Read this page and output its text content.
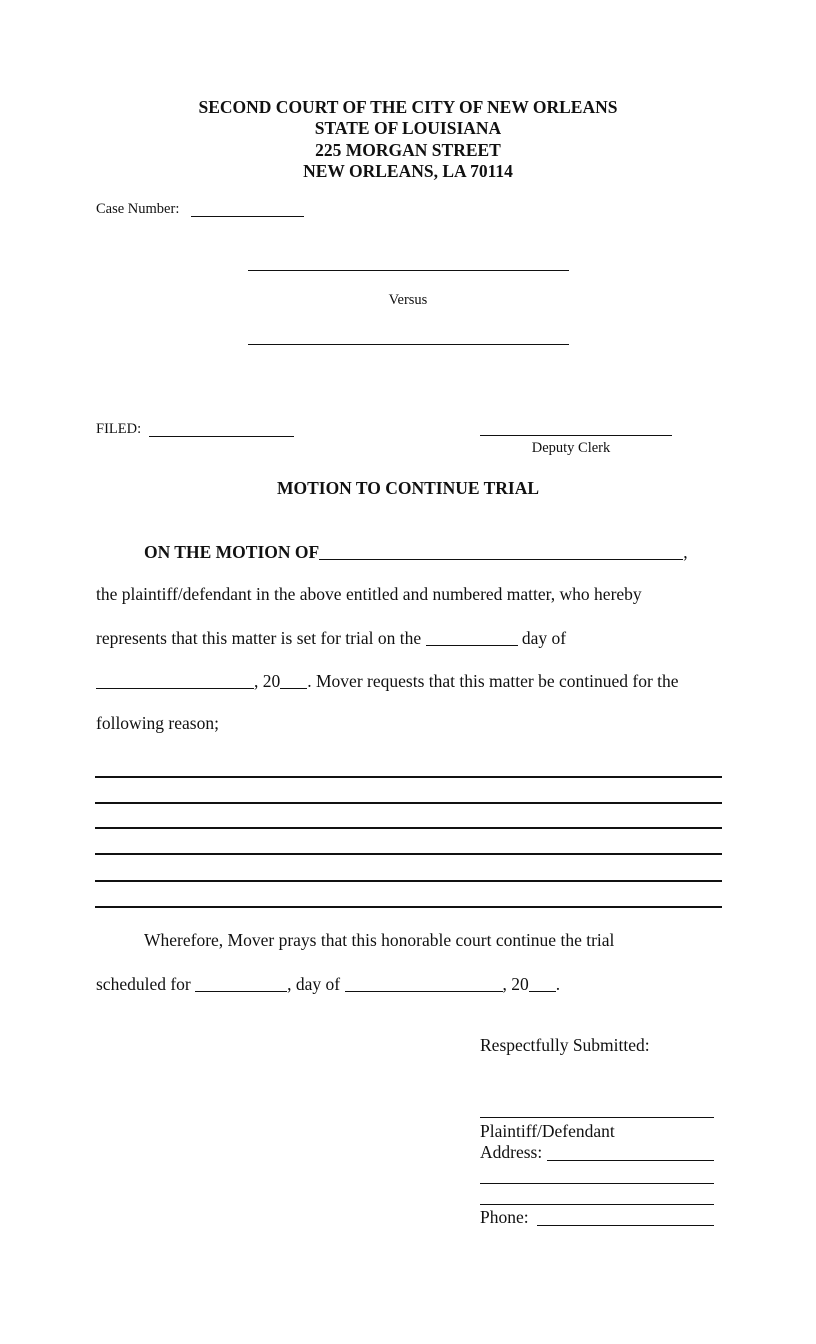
SECOND COURT OF THE CITY OF NEW ORLEANS
STATE OF LOUISIANA
225 MORGAN STREET
NEW ORLEANS, LA 70114
Case Number:
Versus
FILED:
Deputy Clerk
MOTION TO CONTINUE TRIAL
ON THE MOTION OF	,
the plaintiff/defendant in the above entitled and numbered matter, who hereby
represents that this matter is set for trial on the	day of
, 20 . Mover requests that this matter be continued for the
following reason;
Wherefore, Mover prays that this honorable court continue the trial
scheduled for	, day of	, 20 .
Respectfully Submitted:
Plaintiff/Defendant
Address:
Phone:
